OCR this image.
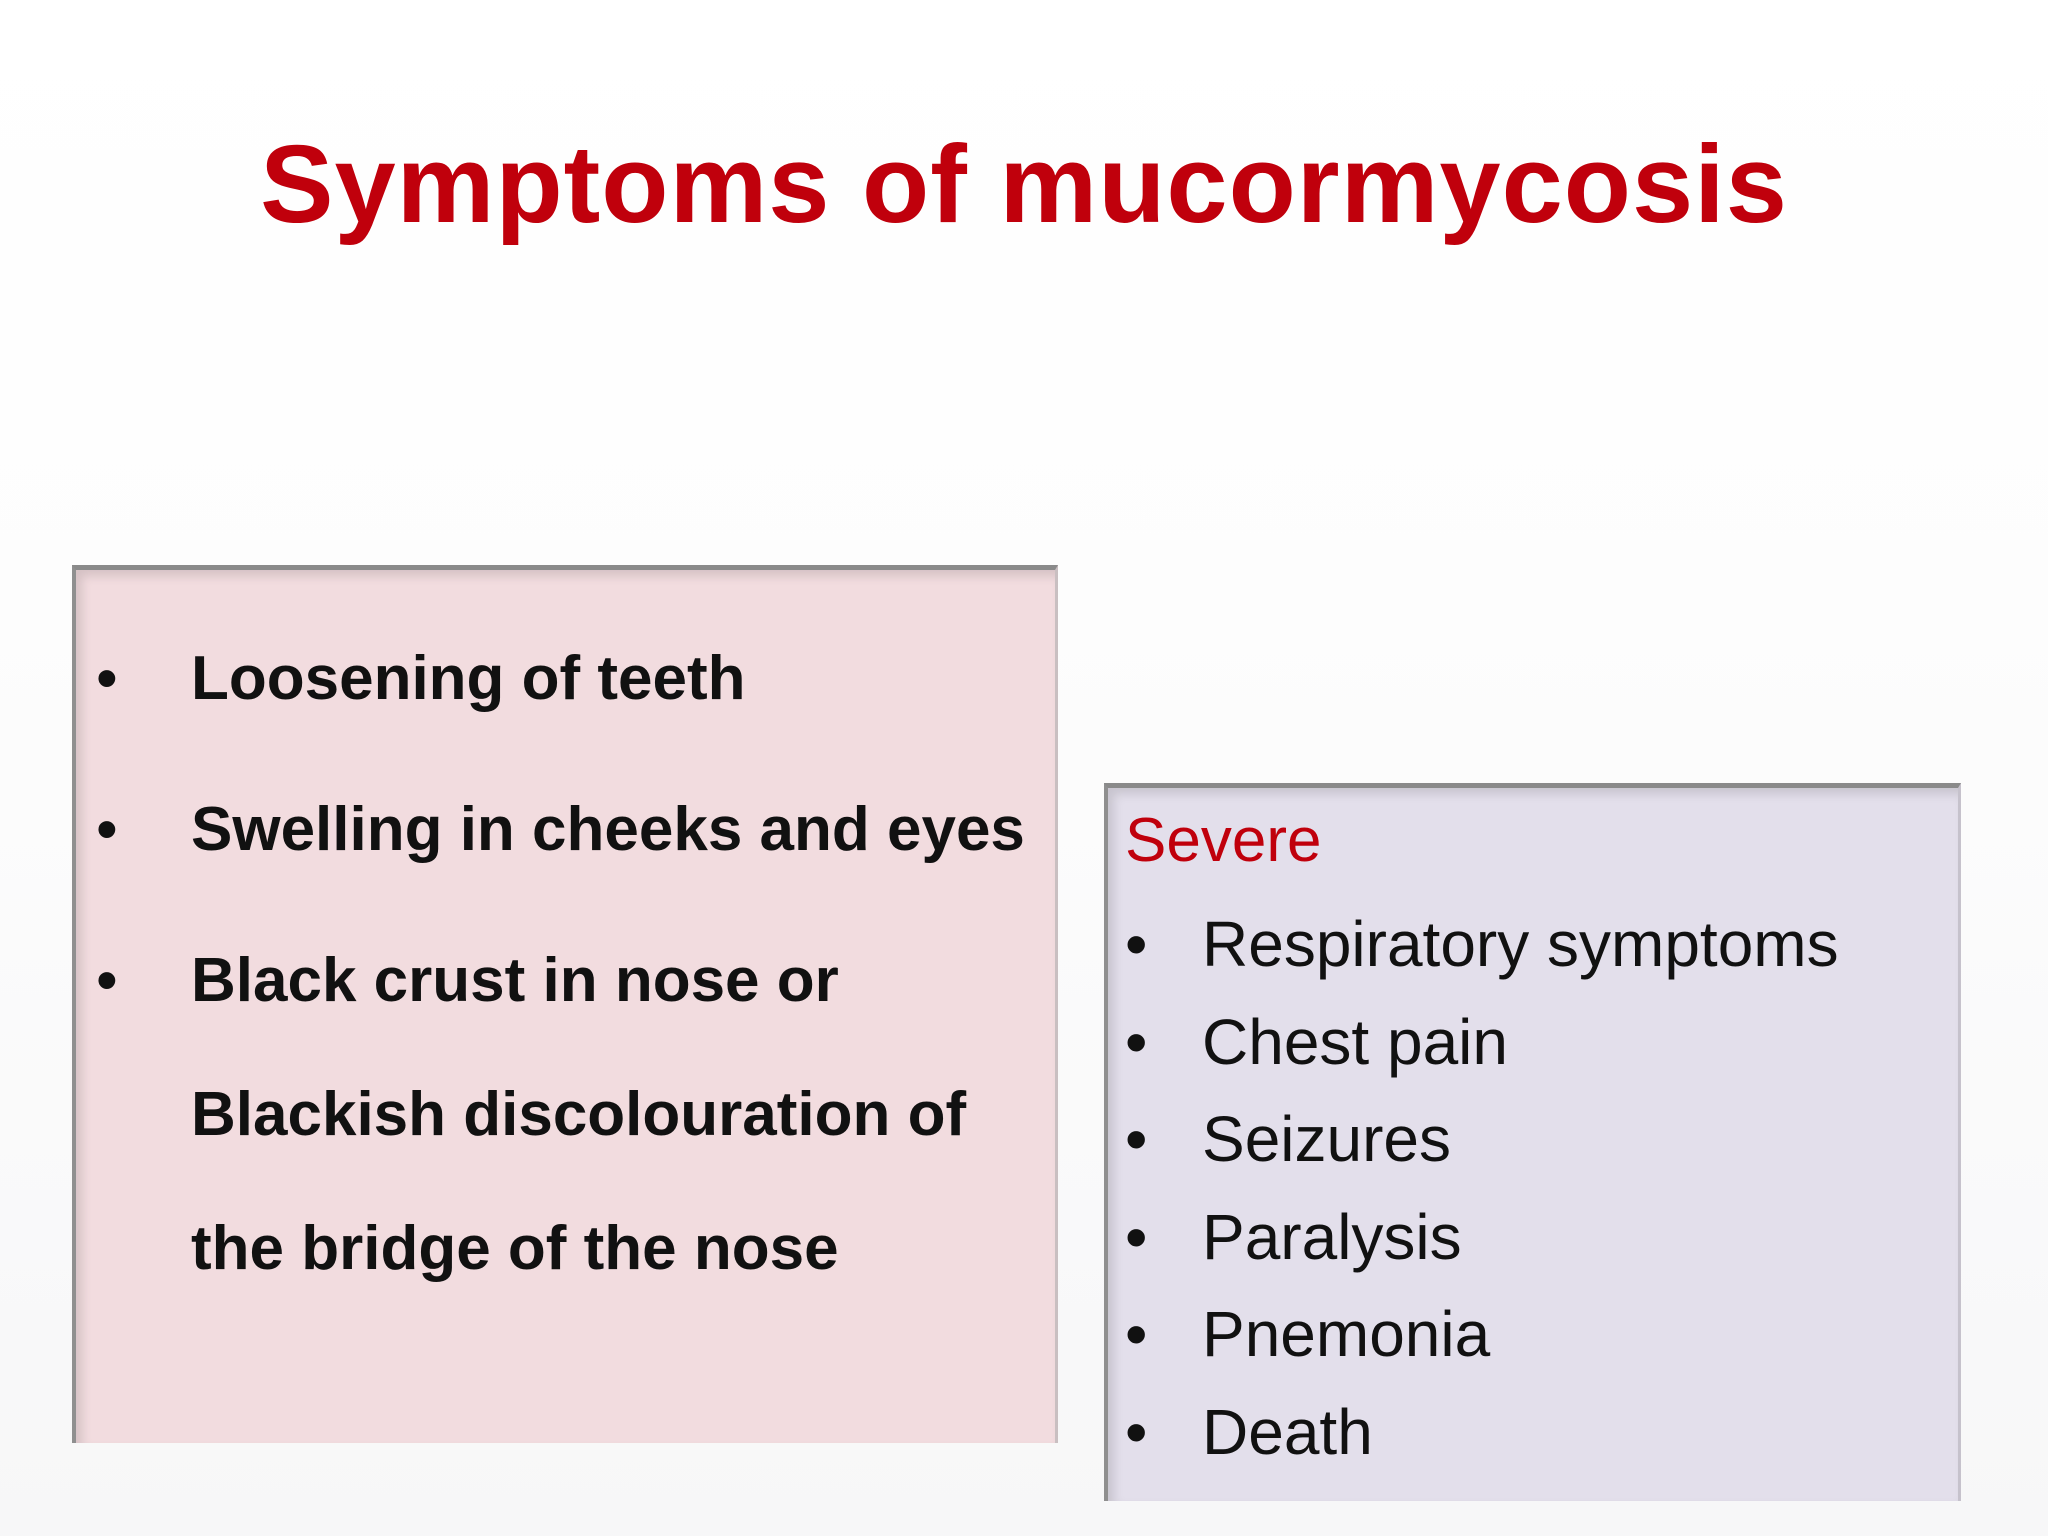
Symptoms of mucormycosis
• Loosening of teeth
• Swelling in cheeks and eyes
• Black crust in nose or
Blackish discolouration of
the bridge of the nose
Severe
• Respiratory symptoms
• Chest pain
• Seizures
• Paralysis
• Pnemonia
• Death
